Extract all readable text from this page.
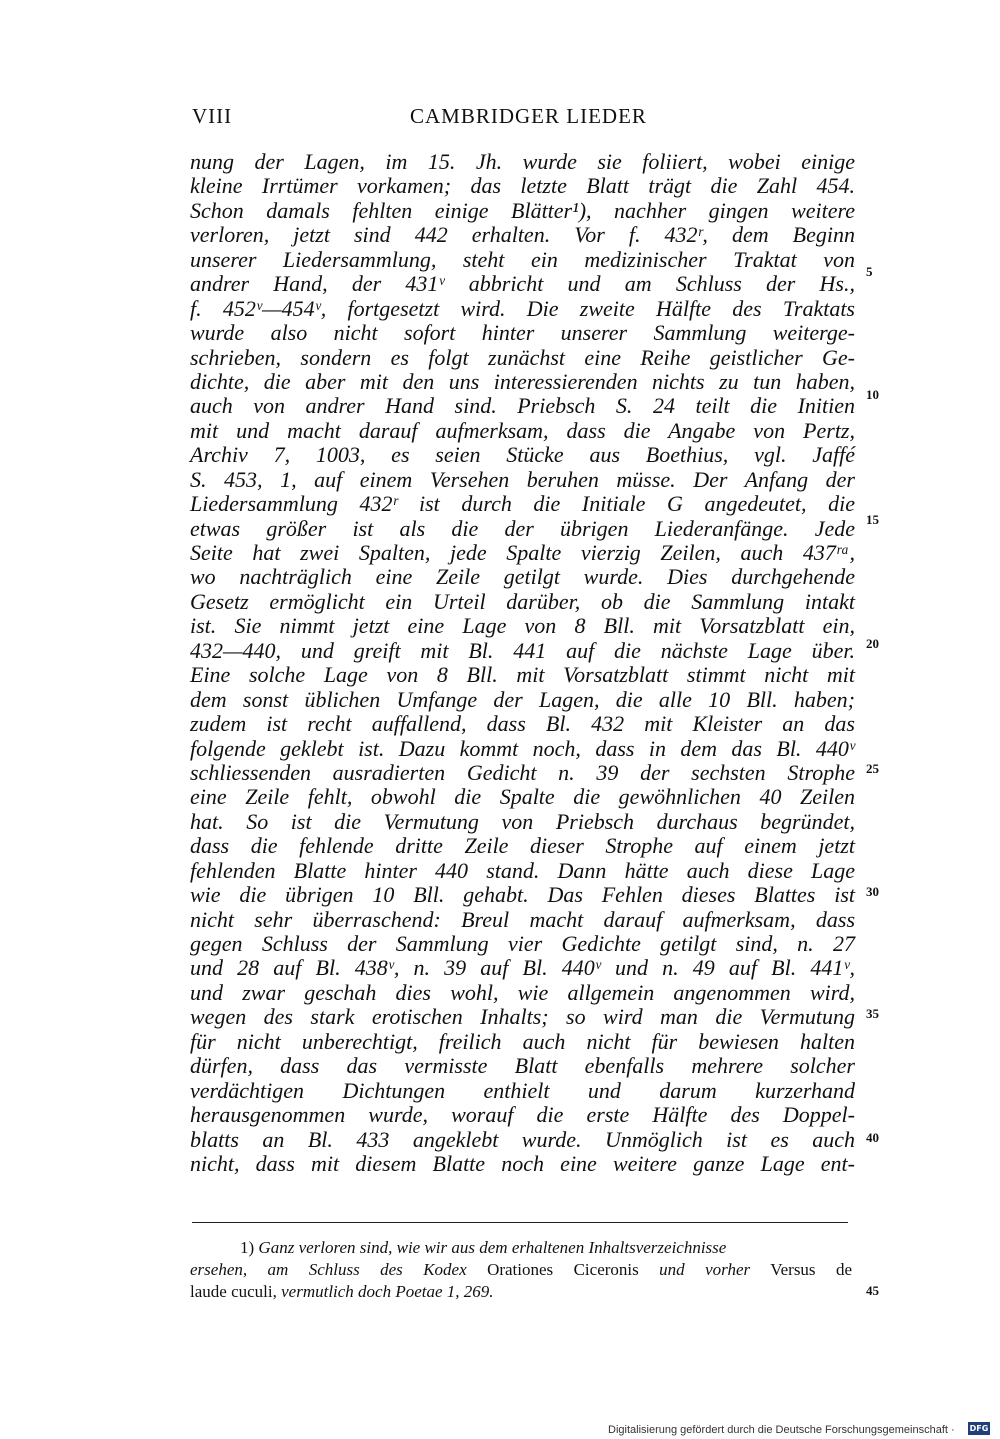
VIII	CAMBRIDGER LIEDER
nung der Lagen, im 15. Jh. wurde sie foliiert, wobei einige
kleine Irrtümer vorkamen; das letzte Blatt trägt die Zahl 454.
Schon damals fehlten einige Blätter¹), nachher gingen weitere
verloren, jetzt sind 442 erhalten. Vor f. 432ʳ, dem Beginn
unserer Liedersammlung, steht ein medizinischer Traktat von
andrer Hand, der 431ᵛ abbricht und am Schluss der Hs.,
f. 452ᵛ—454ᵛ, fortgesetzt wird. Die zweite Hälfte des Traktats
wurde also nicht sofort hinter unserer Sammlung weiterge-
schrieben, sondern es folgt zunächst eine Reihe geistlicher Ge-
dichte, die aber mit den uns interessierenden nichts zu tun haben,
auch von andrer Hand sind. Priebsch S. 24 teilt die Initien
mit und macht darauf aufmerksam, dass die Angabe von Pertz,
Archiv 7, 1003, es seien Stücke aus Boethius, vgl. Jaffé
S. 453, 1, auf einem Versehen beruhen müsse. Der Anfang der
Liedersammlung 432ʳ ist durch die Initiale G angedeutet, die
etwas größer ist als die der übrigen Liederanfänge. Jede
Seite hat zwei Spalten, jede Spalte vierzig Zeilen, auch 437ʳᵃ,
wo nachträglich eine Zeile getilgt wurde. Dies durchgehende
Gesetz ermöglicht ein Urteil darüber, ob die Sammlung intakt
ist. Sie nimmt jetzt eine Lage von 8 Bll. mit Vorsatzblatt ein,
432—440, und greift mit Bl. 441 auf die nächste Lage über.
Eine solche Lage von 8 Bll. mit Vorsatzblatt stimmt nicht mit
dem sonst üblichen Umfange der Lagen, die alle 10 Bll. haben;
zudem ist recht auffallend, dass Bl. 432 mit Kleister an das
folgende geklebt ist. Dazu kommt noch, dass in dem das Bl. 440ᵛ
schliessenden ausradierten Gedicht n. 39 der sechsten Strophe
eine Zeile fehlt, obwohl die Spalte die gewöhnlichen 40 Zeilen
hat. So ist die Vermutung von Priebsch durchaus begründet,
dass die fehlende dritte Zeile dieser Strophe auf einem jetzt
fehlenden Blatte hinter 440 stand. Dann hätte auch diese Lage
wie die übrigen 10 Bll. gehabt. Das Fehlen dieses Blattes ist
nicht sehr überraschend: Breul macht darauf aufmerksam, dass
gegen Schluss der Sammlung vier Gedichte getilgt sind, n. 27
und 28 auf Bl. 438ᵛ, n. 39 auf Bl. 440ᵛ und n. 49 auf Bl. 441ᵛ,
und zwar geschah dies wohl, wie allgemein angenommen wird,
wegen des stark erotischen Inhalts; so wird man die Vermutung
für nicht unberechtigt, freilich auch nicht für bewiesen halten
dürfen, dass das vermisste Blatt ebenfalls mehrere solcher
verdächtigen Dichtungen enthielt und darum kurzerhand
herausgenommen wurde, worauf die erste Hälfte des Doppel-
blatts an Bl. 433 angeklebt wurde. Unmöglich ist es auch
nicht, dass mit diesem Blatte noch eine weitere ganze Lage ent-
5
10
15
20
25
30
35
40
1) Ganz verloren sind, wie wir aus dem erhaltenen Inhaltsverzeichnisse
ersehen, am Schluss des Kodex Orationes Ciceronis und vorher Versus de
laude cuculi, vermutlich doch Poetae 1, 269.	45
Digitalisierung gefördert durch die Deutsche Forschungsgemeinschaft · DFG
